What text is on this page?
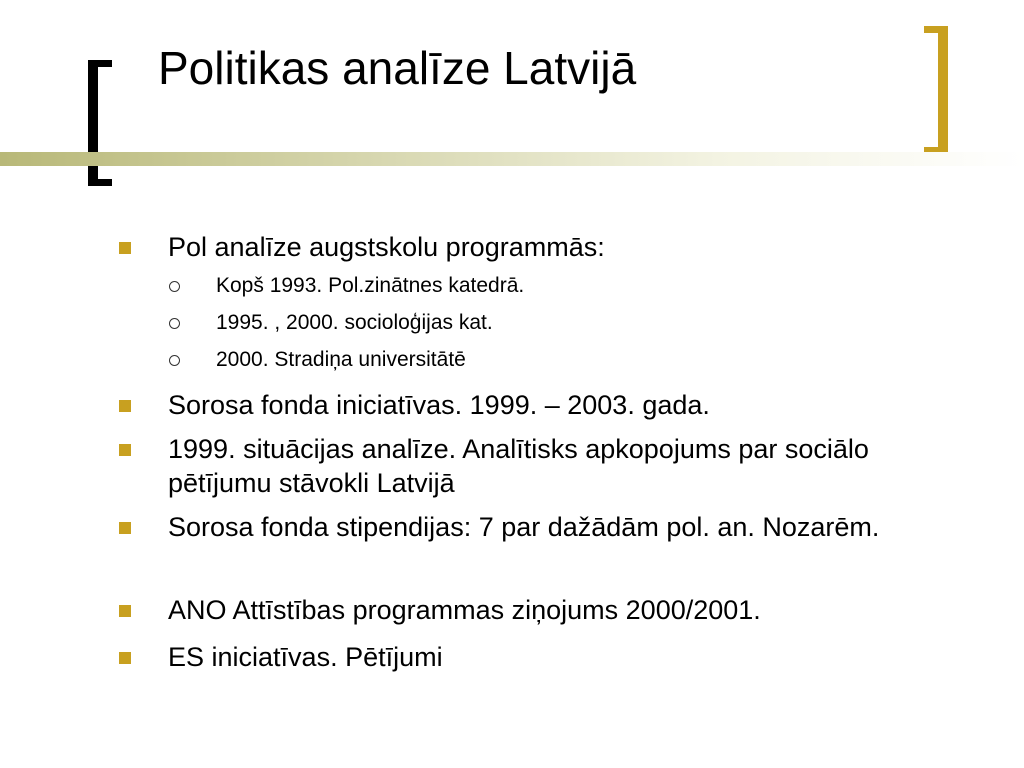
Politikas analīze Latvijā
Pol analīze augstskolu programmās:
Kopš 1993. Pol.zinātnes katedrā.
1995. , 2000. socioloģijas kat.
2000. Stradiņa universitātē
Sorosa fonda iniciatīvas. 1999. – 2003. gada.
1999. situācijas analīze. Analītisks apkopojums par sociālo pētījumu stāvokli Latvijā
Sorosa fonda stipendijas: 7 par dažādām pol. an. Nozarēm.
ANO Attīstības programmas ziņojums 2000/2001.
ES iniciatīvas. Pētījumi
